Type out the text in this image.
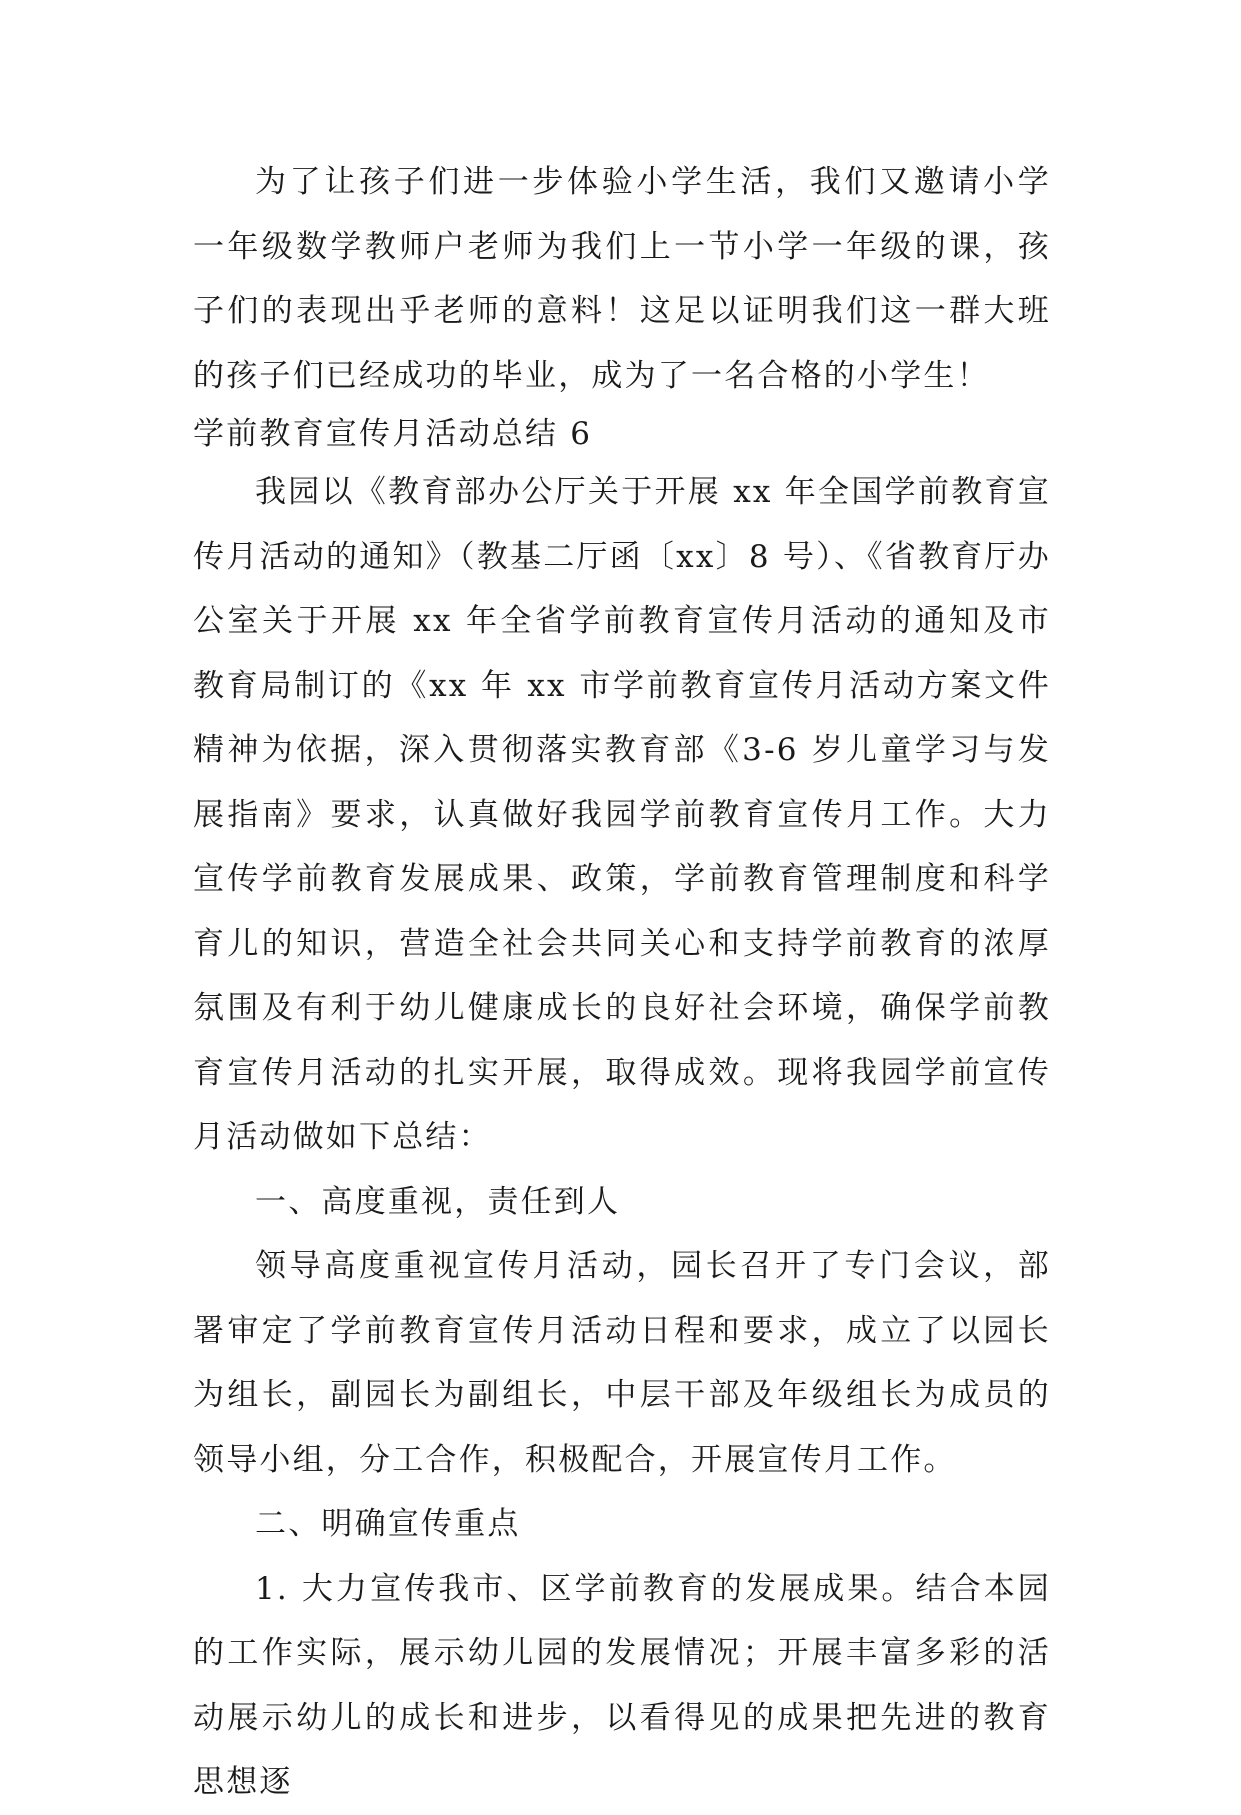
为了让孩子们进一步体验小学生活，我们又邀请小学一年级数学教师户老师为我们上一节小学一年级的课，孩子们的表现出乎老师的意料！这足以证明我们这一群大班的孩子们已经成功的毕业，成为了一名合格的小学生！

学前教育宣传月活动总结 6

我园以《教育部办公厅关于开展 xx 年全国学前教育宣传月活动的通知》（教基二厅函〔xx〕8 号）、《省教育厅办公室关于开展 xx 年全省学前教育宣传月活动的通知及市教育局制订的《xx 年 xx 市学前教育宣传月活动方案文件精神为依据，深入贯彻落实教育部《3-6 岁儿童学习与发展指南》要求，认真做好我园学前教育宣传月工作。大力宣传学前教育发展成果、政策，学前教育管理制度和科学育儿的知识，营造全社会共同关心和支持学前教育的浓厚氛围及有利于幼儿健康成长的良好社会环境，确保学前教育宣传月活动的扎实开展，取得成效。现将我园学前宣传月活动做如下总结：

一、高度重视，责任到人

领导高度重视宣传月活动，园长召开了专门会议，部署审定了学前教育宣传月活动日程和要求，成立了以园长为组长，副园长为副组长，中层干部及年级组长为成员的领导小组，分工合作，积极配合，开展宣传月工作。

二、明确宣传重点

1. 大力宣传我市、区学前教育的发展成果。结合本园的工作实际，展示幼儿园的发展情况；开展丰富多彩的活动展示幼儿的成长和进步，以看得见的成果把先进的教育思想逐
